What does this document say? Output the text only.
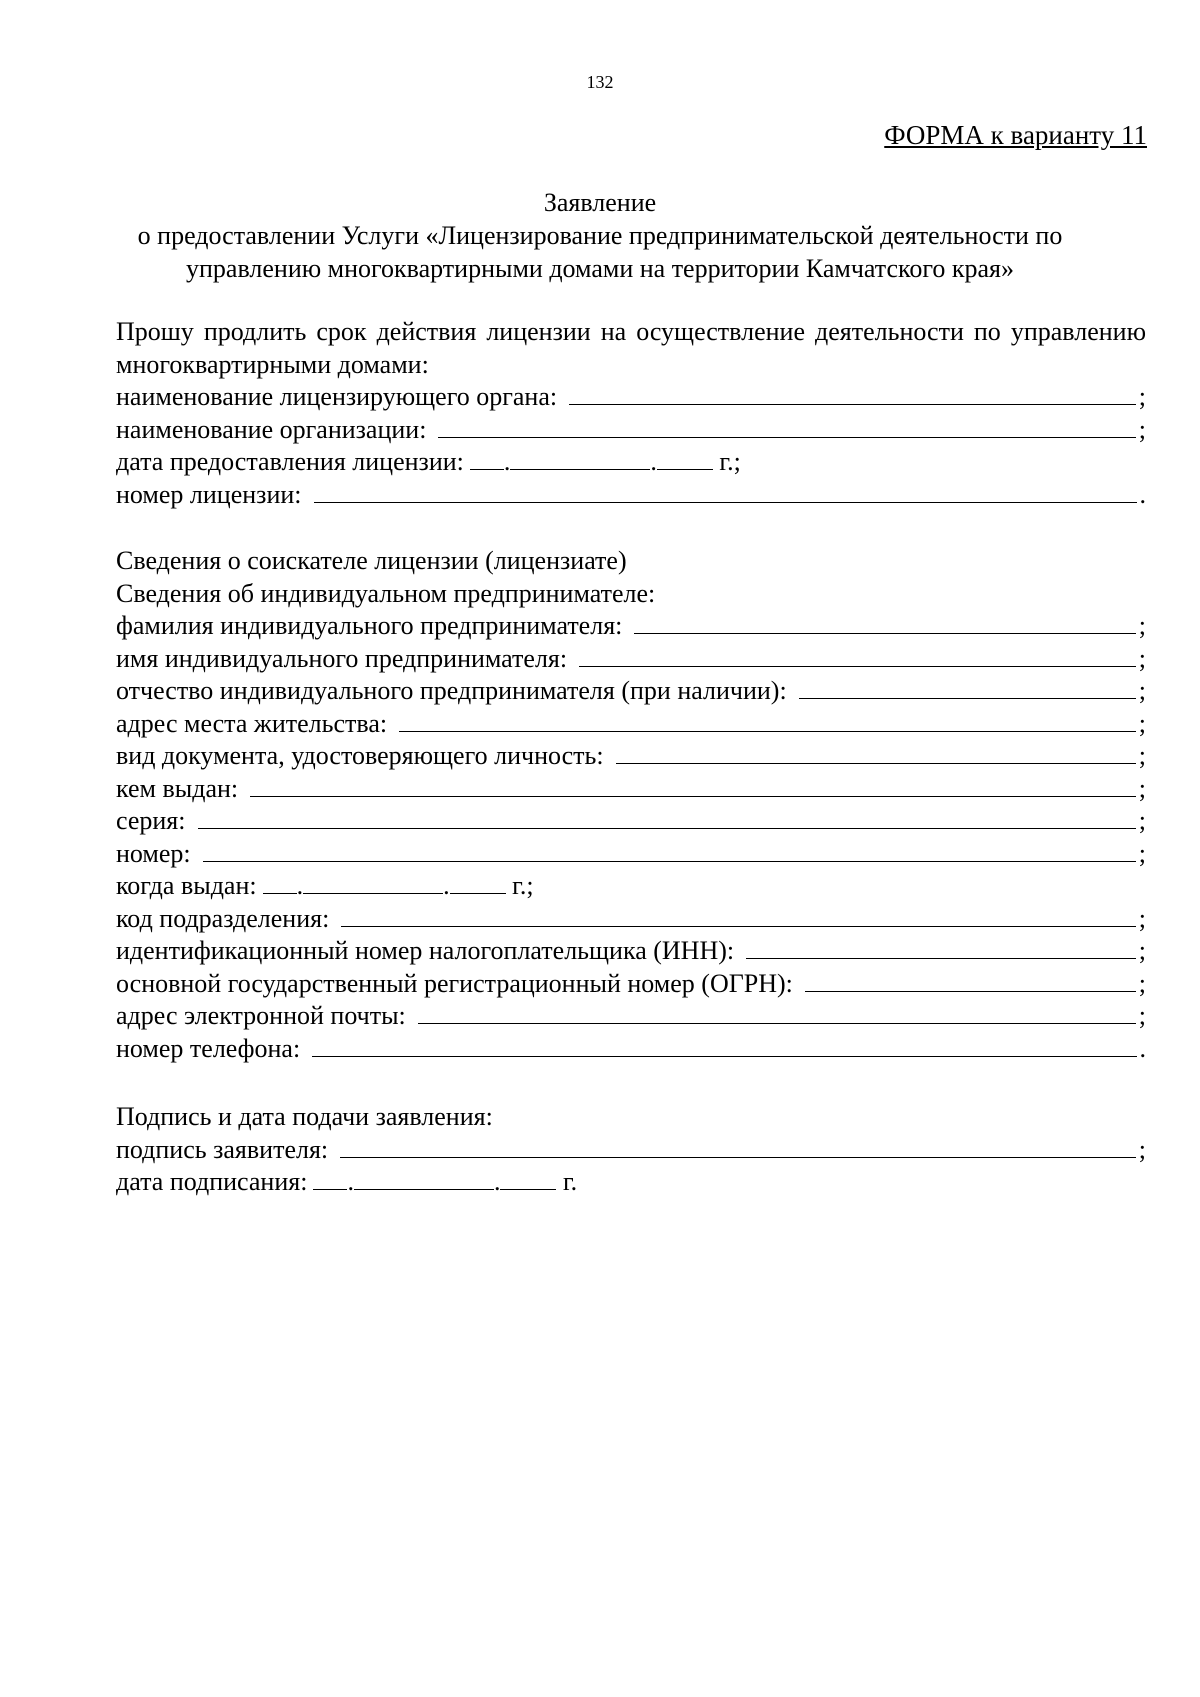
132
ФОРМА к варианту 11
Заявление
о предоставлении Услуги «Лицензирование предпринимательской деятельности по
управлению многоквартирными домами на территории Камчатского края»
Прошу продлить срок действия лицензии на осуществление деятельности по управлению многоквартирными домами:
наименование лицензирующего органа:	;
наименование организации:	;
дата предоставления лицензии: .	. г.;
номер лицензии:	.
Сведения о соискателе лицензии (лицензиате)
Сведения об индивидуальном предпринимателе:
фамилия индивидуального предпринимателя:	;
имя индивидуального предпринимателя:	;
отчество индивидуального предпринимателя (при наличии):	;
адрес места жительства:	;
вид документа, удостоверяющего личность:	;
кем выдан:	;
серия:	;
номер:	;
когда выдан: .	. г.;
код подразделения:	;
идентификационный номер налогоплательщика (ИНН):	;
основной государственный регистрационный номер (ОГРН):	;
адрес электронной почты:	;
номер телефона:	.
Подпись и дата подачи заявления:
подпись заявителя:	;
дата подписания: .	. г.
